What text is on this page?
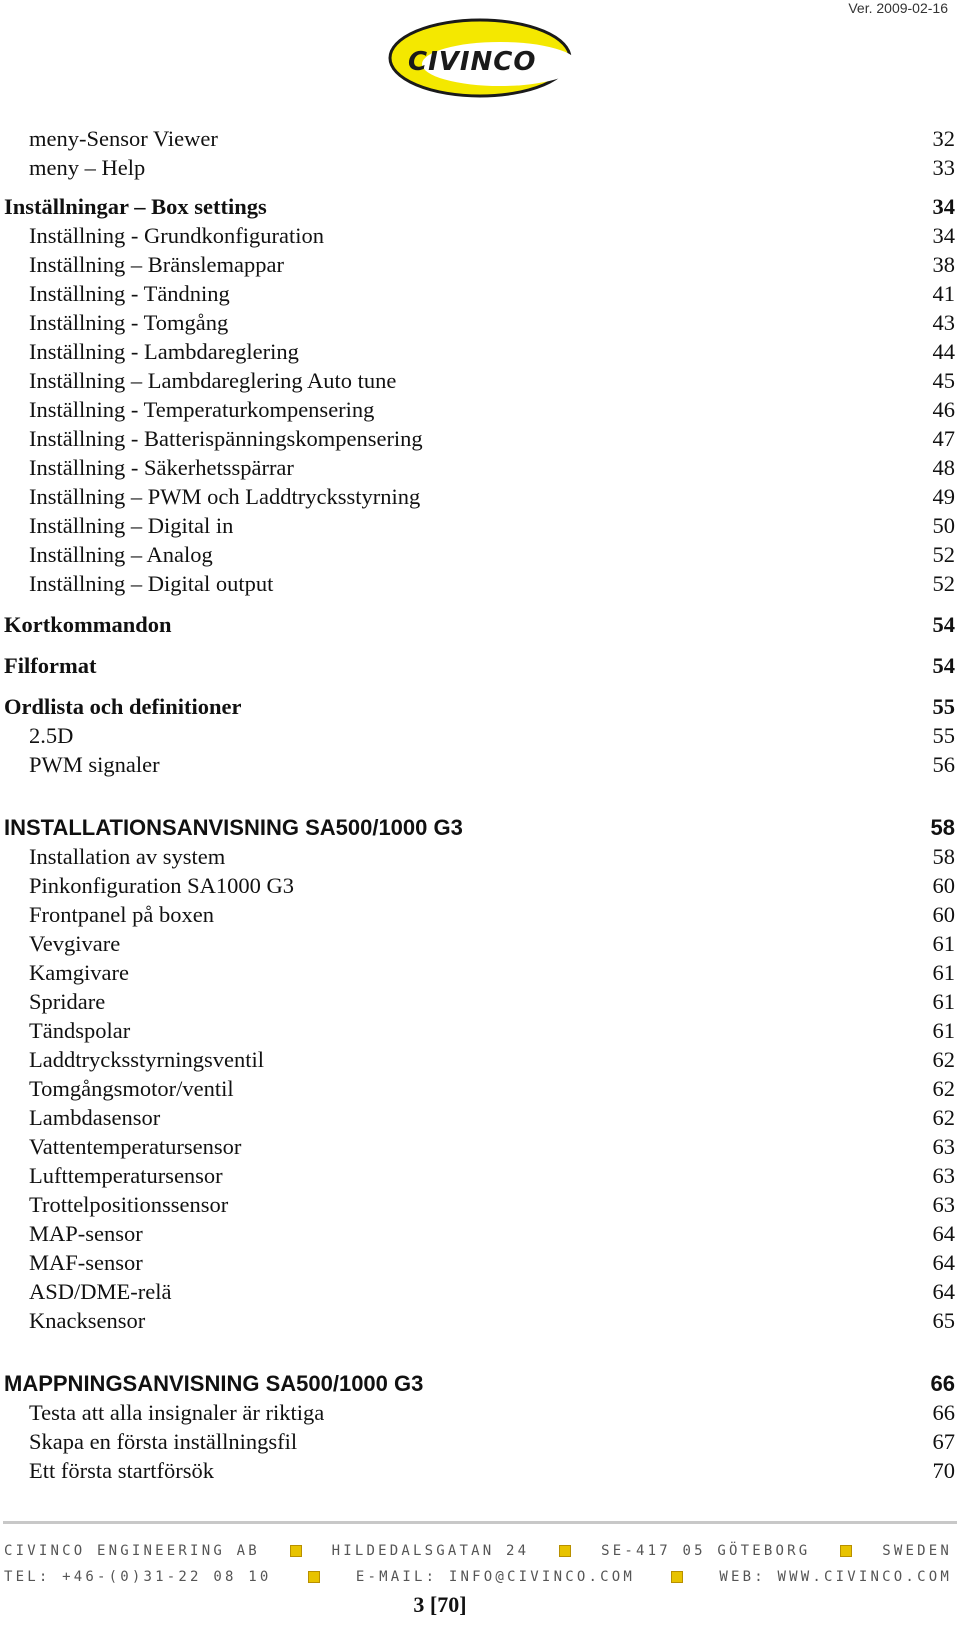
Ver. 2009-02-16
CIVINCO
meny-Sensor Viewer	32
meny – Help	33
Inställningar – Box settings	34
Inställning - Grundkonfiguration	34
Inställning – Bränslemappar	38
Inställning - Tändning	41
Inställning - Tomgång	43
Inställning - Lambdareglering	44
Inställning – Lambdareglering Auto tune	45
Inställning - Temperaturkompensering	46
Inställning - Batterispänningskompensering	47
Inställning - Säkerhetsspärrar	48
Inställning – PWM och Laddtrycksstyrning	49
Inställning – Digital in	50
Inställning – Analog	52
Inställning – Digital output	52
Kortkommandon	54
Filformat	54
Ordlista och definitioner	55
2.5D	55
PWM signaler	56
INSTALLATIONSANVISNING SA500/1000 G3	58
Installation av system	58
Pinkonfiguration SA1000 G3	60
Frontpanel på boxen	60
Vevgivare	61
Kamgivare	61
Spridare	61
Tändspolar	61
Laddtrycksstyrningsventil	62
Tomgångsmotor/ventil	62
Lambdasensor	62
Vattentemperatursensor	63
Lufttemperatursensor	63
Trottelpositionssensor	63
MAP-sensor	64
MAF-sensor	64
ASD/DME-relä	64
Knacksensor	65
MAPPNINGSANVISNING SA500/1000 G3	66
Testa att alla insignaler är riktiga	66
Skapa en första inställningsfil	67
Ett första startförsök	70
CIVINCO ENGINEERING AB	HILDEDALSGATAN 24	SE-417 05 GÖTEBORG	SWEDEN
TEL: +46-(0)31-22 08 10	E-MAIL: INFO@CIVINCO.COM	WEB: WWW.CIVINCO.COM
3 [70]
